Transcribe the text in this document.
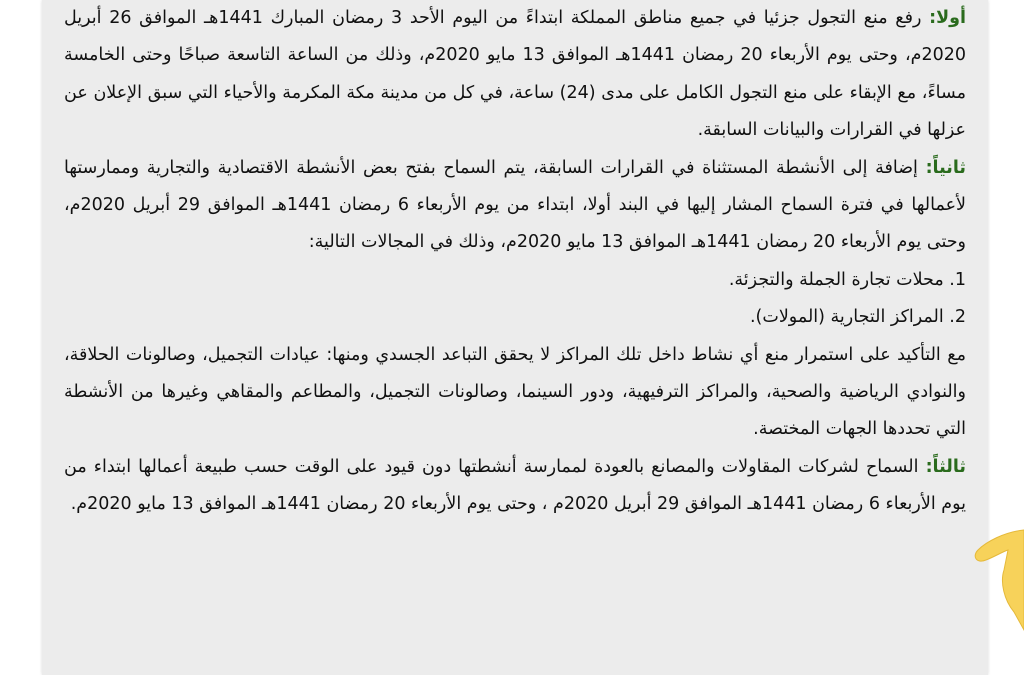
أولا: رفع منع التجول جزئيا في جميع مناطق المملكة ابتداءً من اليوم الأحد 3 رمضان المبارك 1441هـ الموافق 26 أبريل 2020م، وحتى يوم الأربعاء 20 رمضان 1441هـ الموافق 13 مايو 2020م، وذلك من الساعة التاسعة صباحًا وحتى الخامسة مساءً، مع الإبقاء على منع التجول الكامل على مدى (24) ساعة، في كل من مدينة مكة المكرمة والأحياء التي سبق الإعلان عن عزلها في القرارات والبيانات السابقة.

ثانياً: إضافة إلى الأنشطة المستثناة في القرارات السابقة، يتم السماح بفتح بعض الأنشطة الاقتصادية والتجارية وممارستها لأعمالها في فترة السماح المشار إليها في البند أولا، ابتداء من يوم الأربعاء 6 رمضان 1441هـ الموافق 29 أبريل 2020م، وحتى يوم الأربعاء 20 رمضان 1441هـ الموافق 13 مايو 2020م، وذلك في المجالات التالية:

1. محلات تجارة الجملة والتجزئة.

2. المراكز التجارية (المولات).

مع التأكيد على استمرار منع أي نشاط داخل تلك المراكز لا يحقق التباعد الجسدي ومنها: عيادات التجميل، وصالونات الحلاقة، والنوادي الرياضية والصحية، والمراكز الترفيهية، ودور السينما، وصالونات التجميل، والمطاعم والمقاهي وغيرها من الأنشطة التي تحددها الجهات المختصة.

ثالثاً: السماح لشركات المقاولات والمصانع بالعودة لممارسة أنشطتها دون قيود على الوقت حسب طبيعة أعمالها ابتداء من يوم الأربعاء 6 رمضان 1441هـ الموافق 29 أبريل 2020م ، وحتى يوم الأربعاء 20 رمضان 1441هـ الموافق 13 مايو 2020م.
